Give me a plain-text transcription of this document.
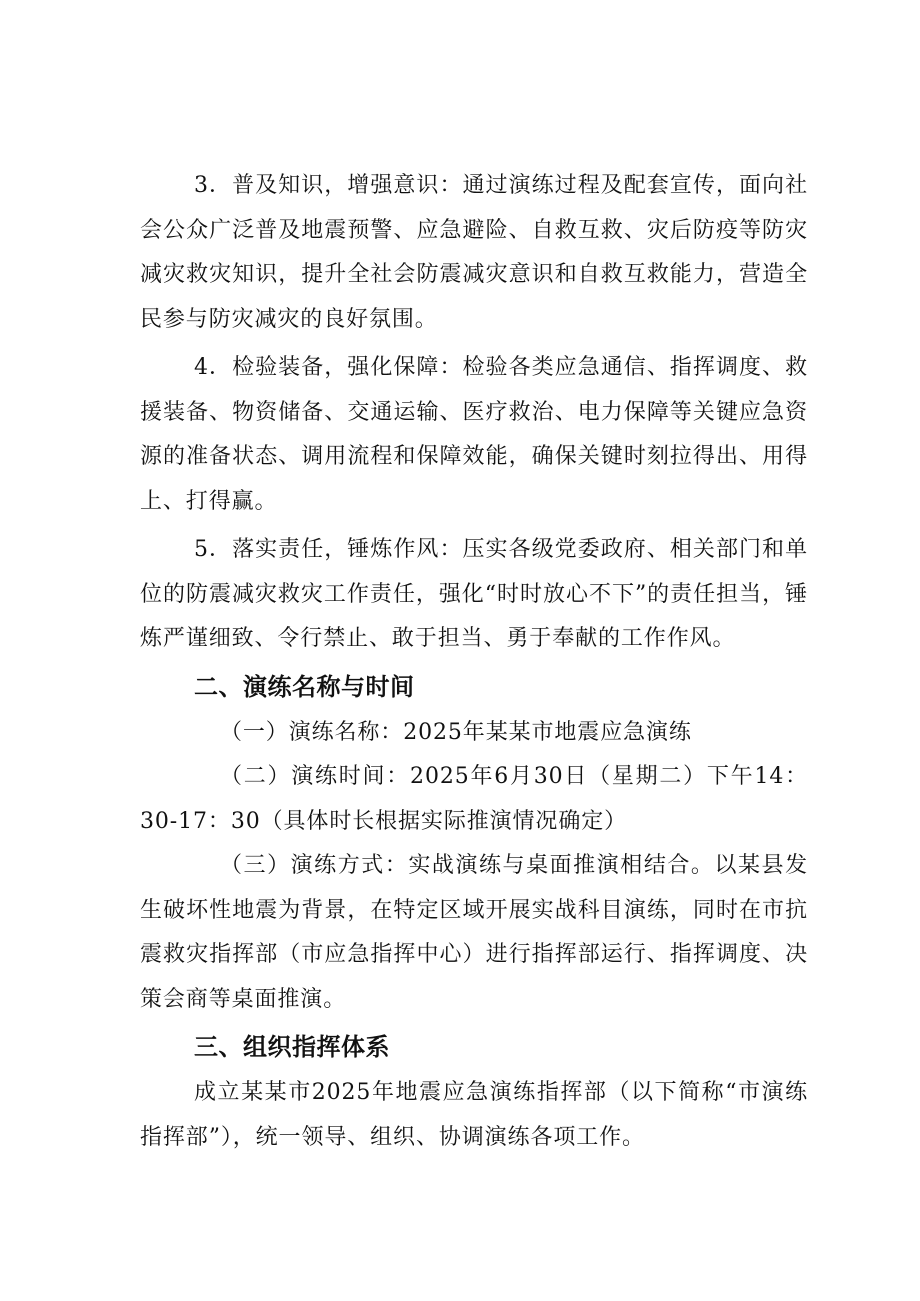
3．普及知识，增强意识：通过演练过程及配套宣传，面向社会公众广泛普及地震预警、应急避险、自救互救、灾后防疫等防灾减灾救灾知识，提升全社会防震减灾意识和自救互救能力，营造全民参与防灾减灾的良好氛围。

4．检验装备，强化保障：检验各类应急通信、指挥调度、救援装备、物资储备、交通运输、医疗救治、电力保障等关键应急资源的准备状态、调用流程和保障效能，确保关键时刻拉得出、用得上、打得赢。

5．落实责任，锤炼作风：压实各级党委政府、相关部门和单位的防震减灾救灾工作责任，强化“时时放心不下”的责任担当，锤炼严谨细致、令行禁止、敢于担当、勇于奉献的工作作风。

二、演练名称与时间

（一）演练名称：2025年某某市地震应急演练

（二）演练时间：2025年6月30日（星期二）下午14：30-17：30（具体时长根据实际推演情况确定）

（三）演练方式：实战演练与桌面推演相结合。以某县发生破坏性地震为背景，在特定区域开展实战科目演练，同时在市抗震救灾指挥部（市应急指挥中心）进行指挥部运行、指挥调度、决策会商等桌面推演。

三、组织指挥体系

成立某某市2025年地震应急演练指挥部（以下简称“市演练指挥部”），统一领导、组织、协调演练各项工作。
